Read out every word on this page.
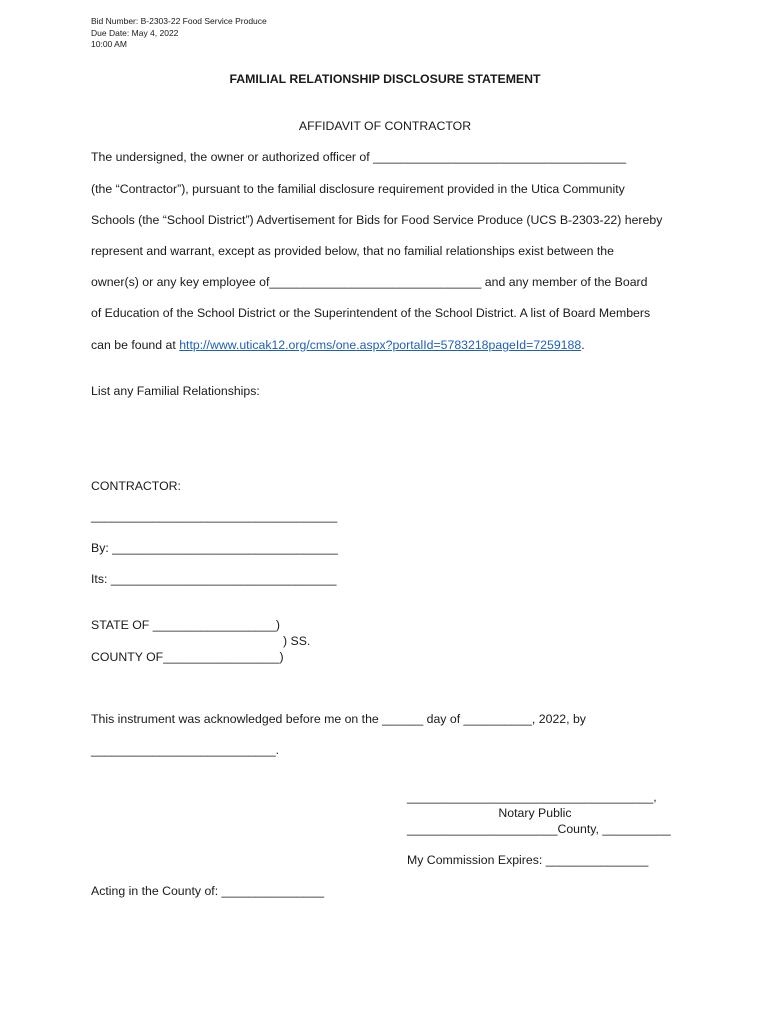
Bid Number: B-2303-22 Food Service Produce
Due Date: May 4, 2022
10:00 AM
FAMILIAL RELATIONSHIP DISCLOSURE STATEMENT
AFFIDAVIT OF CONTRACTOR
The undersigned, the owner or authorized officer of _____________________________________
(the “Contractor”), pursuant to the familial disclosure requirement provided in the Utica Community
Schools (the “School District”) Advertisement for Bids for Food Service Produce (UCS B-2303-22) hereby
represent and warrant, except as provided below, that no familial relationships exist between the
owner(s) or any key employee of_______________________________ and any member of the Board
of Education of the School District or the Superintendent of the School District. A list of Board Members
can be found at http://www.uticak12.org/cms/one.aspx?portalId=5783218pageId=7259188.
List any Familial Relationships:
CONTRACTOR:
____________________________________
By: _________________________________
Its: _________________________________
STATE OF __________________)
) SS.
COUNTY OF_________________)
This instrument was acknowledged before me on the ______ day of __________, 2022, by
___________________________.
____________________________________,
Notary Public
______________________County, __________
My Commission Expires: _______________
Acting in the County of: _______________
